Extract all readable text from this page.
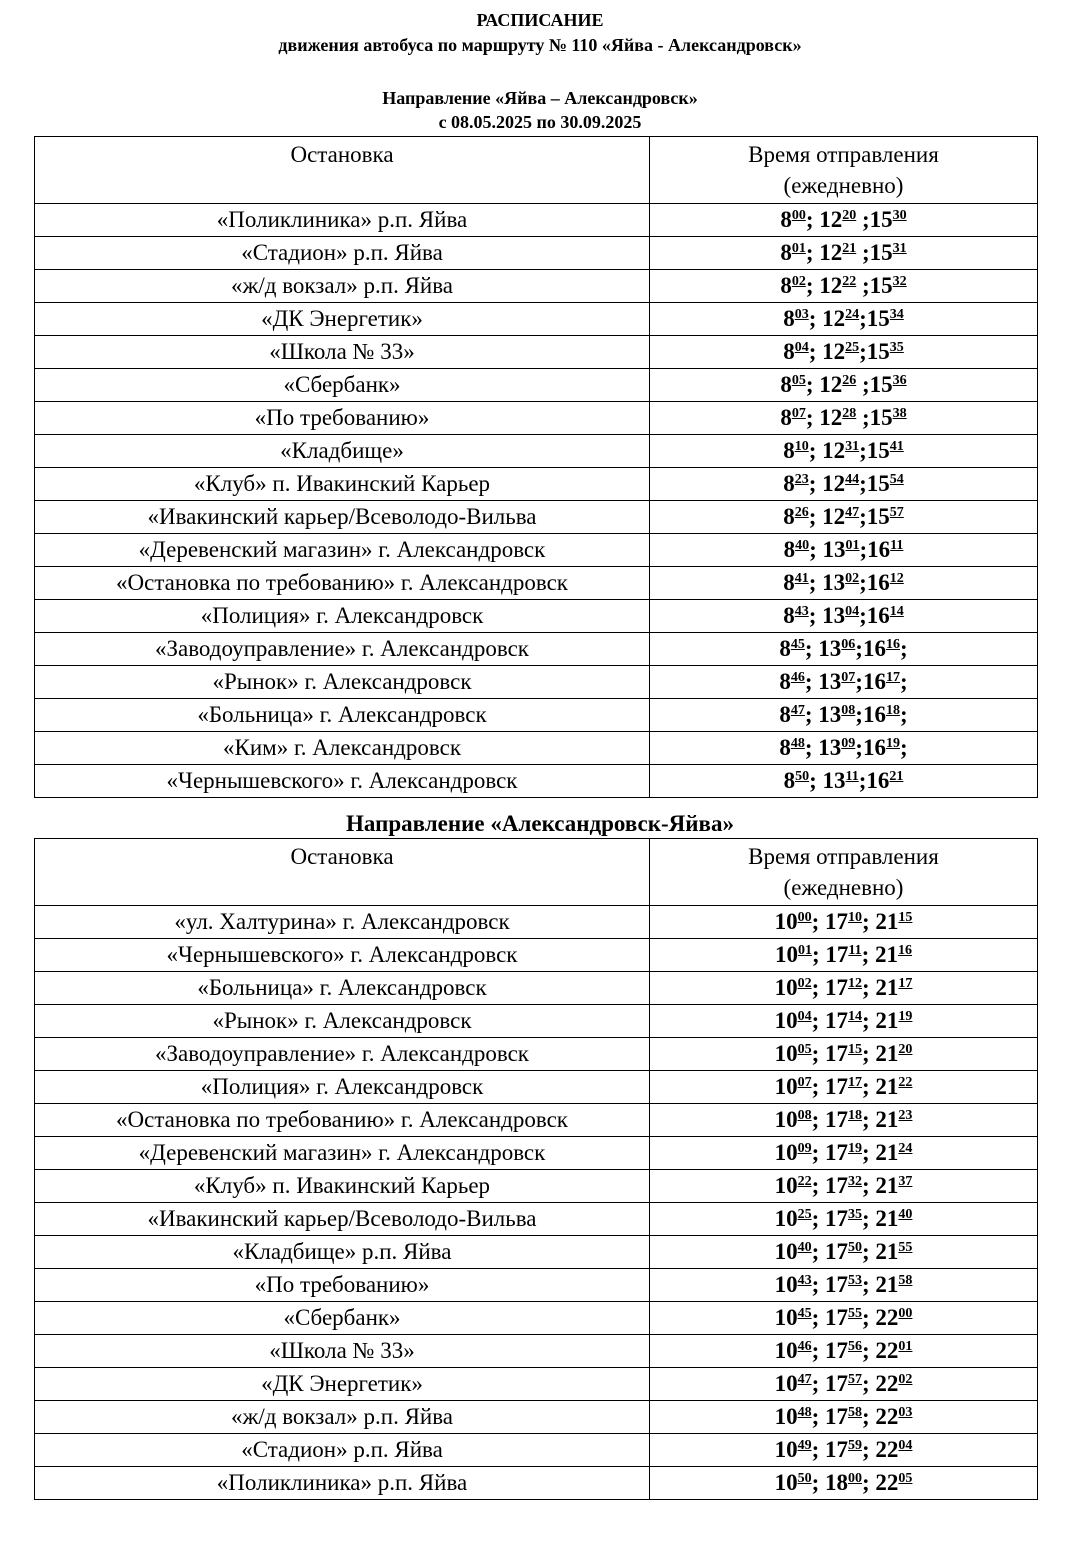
РАСПИСАНИЕ
движения автобуса по маршруту № 110 «Яйва - Александровск»
Направление «Яйва – Александровск»
с 08.05.2025 по 30.09.2025
Остановка	Время отправления
(ежедневно)

«Поликлиника» р.п. Яйва	$8^{00}$; $12^{20}$ $;15^{30}$
«Стадион» р.п. Яйва	$8^{01}$; $12^{21}$ $;15^{31}$
«ж/д вокзал» р.п. Яйва	$8^{02}$; $12^{22}$ $;15^{32}$
«ДК Энергетик»	$8^{03}$; $12^{24};15^{34}$
«Школа № 33»	$8^{04}$; $12^{25};15^{35}$
«Сбербанк»	$8^{05}$; $12^{26}$ $;15^{36}$
«По требованию»	$8^{07}$; $12^{28}$ $;15^{38}$
«Кладбище»	$8^{10}$; $12^{31};15^{41}$
«Клуб» п. Ивакинский Карьер	$8^{23}$; $12^{44};15^{54}$
«Ивакинский карьер/Всеволодо-Вильва	$8^{26}$; $12^{47};15^{57}$
«Деревенский магазин» г. Александровск	$8^{40}$; $13^{01};16^{11}$
«Остановка по требованию» г. Александровск	$8^{41}$; $13^{02};16^{12}$
«Полиция» г. Александровск	$8^{43}$; $13^{04};16^{14}$
«Заводоуправление» г. Александровск	$8^{45}$; $13^{06};16^{16}$;
«Рынок» г. Александровск	$8^{46}$; $13^{07};16^{17}$;
«Больница» г. Александровск	$8^{47}$; $13^{08};16^{18}$;
«Ким» г. Александровск	$8^{48}$; $13^{09};16^{19}$;
«Чернышевского» г. Александровск	$8^{50}$; $13^{11};16^{21}$
Направление «Александровск-Яйва»
Остановка	Время отправления
(ежедневно)

«ул. Халтурина» г. Александровск	$10^{00}$; $17^{10}$; $21^{15}$
«Чернышевского» г. Александровск	$10^{01}$; $17^{11}$; $21^{16}$
«Больница» г. Александровск	$10^{02}$; $17^{12}$; $21^{17}$
«Рынок» г. Александровск	$10^{04}$; $17^{14}$; $21^{19}$
«Заводоуправление» г. Александровск	$10^{05}$; $17^{15}$; $21^{20}$
«Полиция» г. Александровск	$10^{07}$; $17^{17}$; $21^{22}$
«Остановка по требованию» г. Александровск	$10^{08}$; $17^{18}$; $21^{23}$
«Деревенский магазин» г. Александровск	$10^{09}$; $17^{19}$; $21^{24}$
«Клуб» п. Ивакинский Карьер	$10^{22}$; $17^{32}$; $21^{37}$
«Ивакинский карьер/Всеволодо-Вильва	$10^{25}$; $17^{35}$; $21^{40}$
«Кладбище» р.п. Яйва	$10^{40}$; $17^{50}$; $21^{55}$
«По требованию»	$10^{43}$; $17^{53}$; $21^{58}$
«Сбербанк»	$10^{45}$; $17^{55}$; $22^{00}$
«Школа № 33»	$10^{46}$; $17^{56}$; $22^{01}$
«ДК Энергетик»	$10^{47}$; $17^{57}$; $22^{02}$
«ж/д вокзал» р.п. Яйва	$10^{48}$; $17^{58}$; $22^{03}$
«Стадион» р.п. Яйва	$10^{49}$; $17^{59}$; $22^{04}$
«Поликлиника» р.п. Яйва	$10^{50}$; $18^{00}$; $22^{05}$
